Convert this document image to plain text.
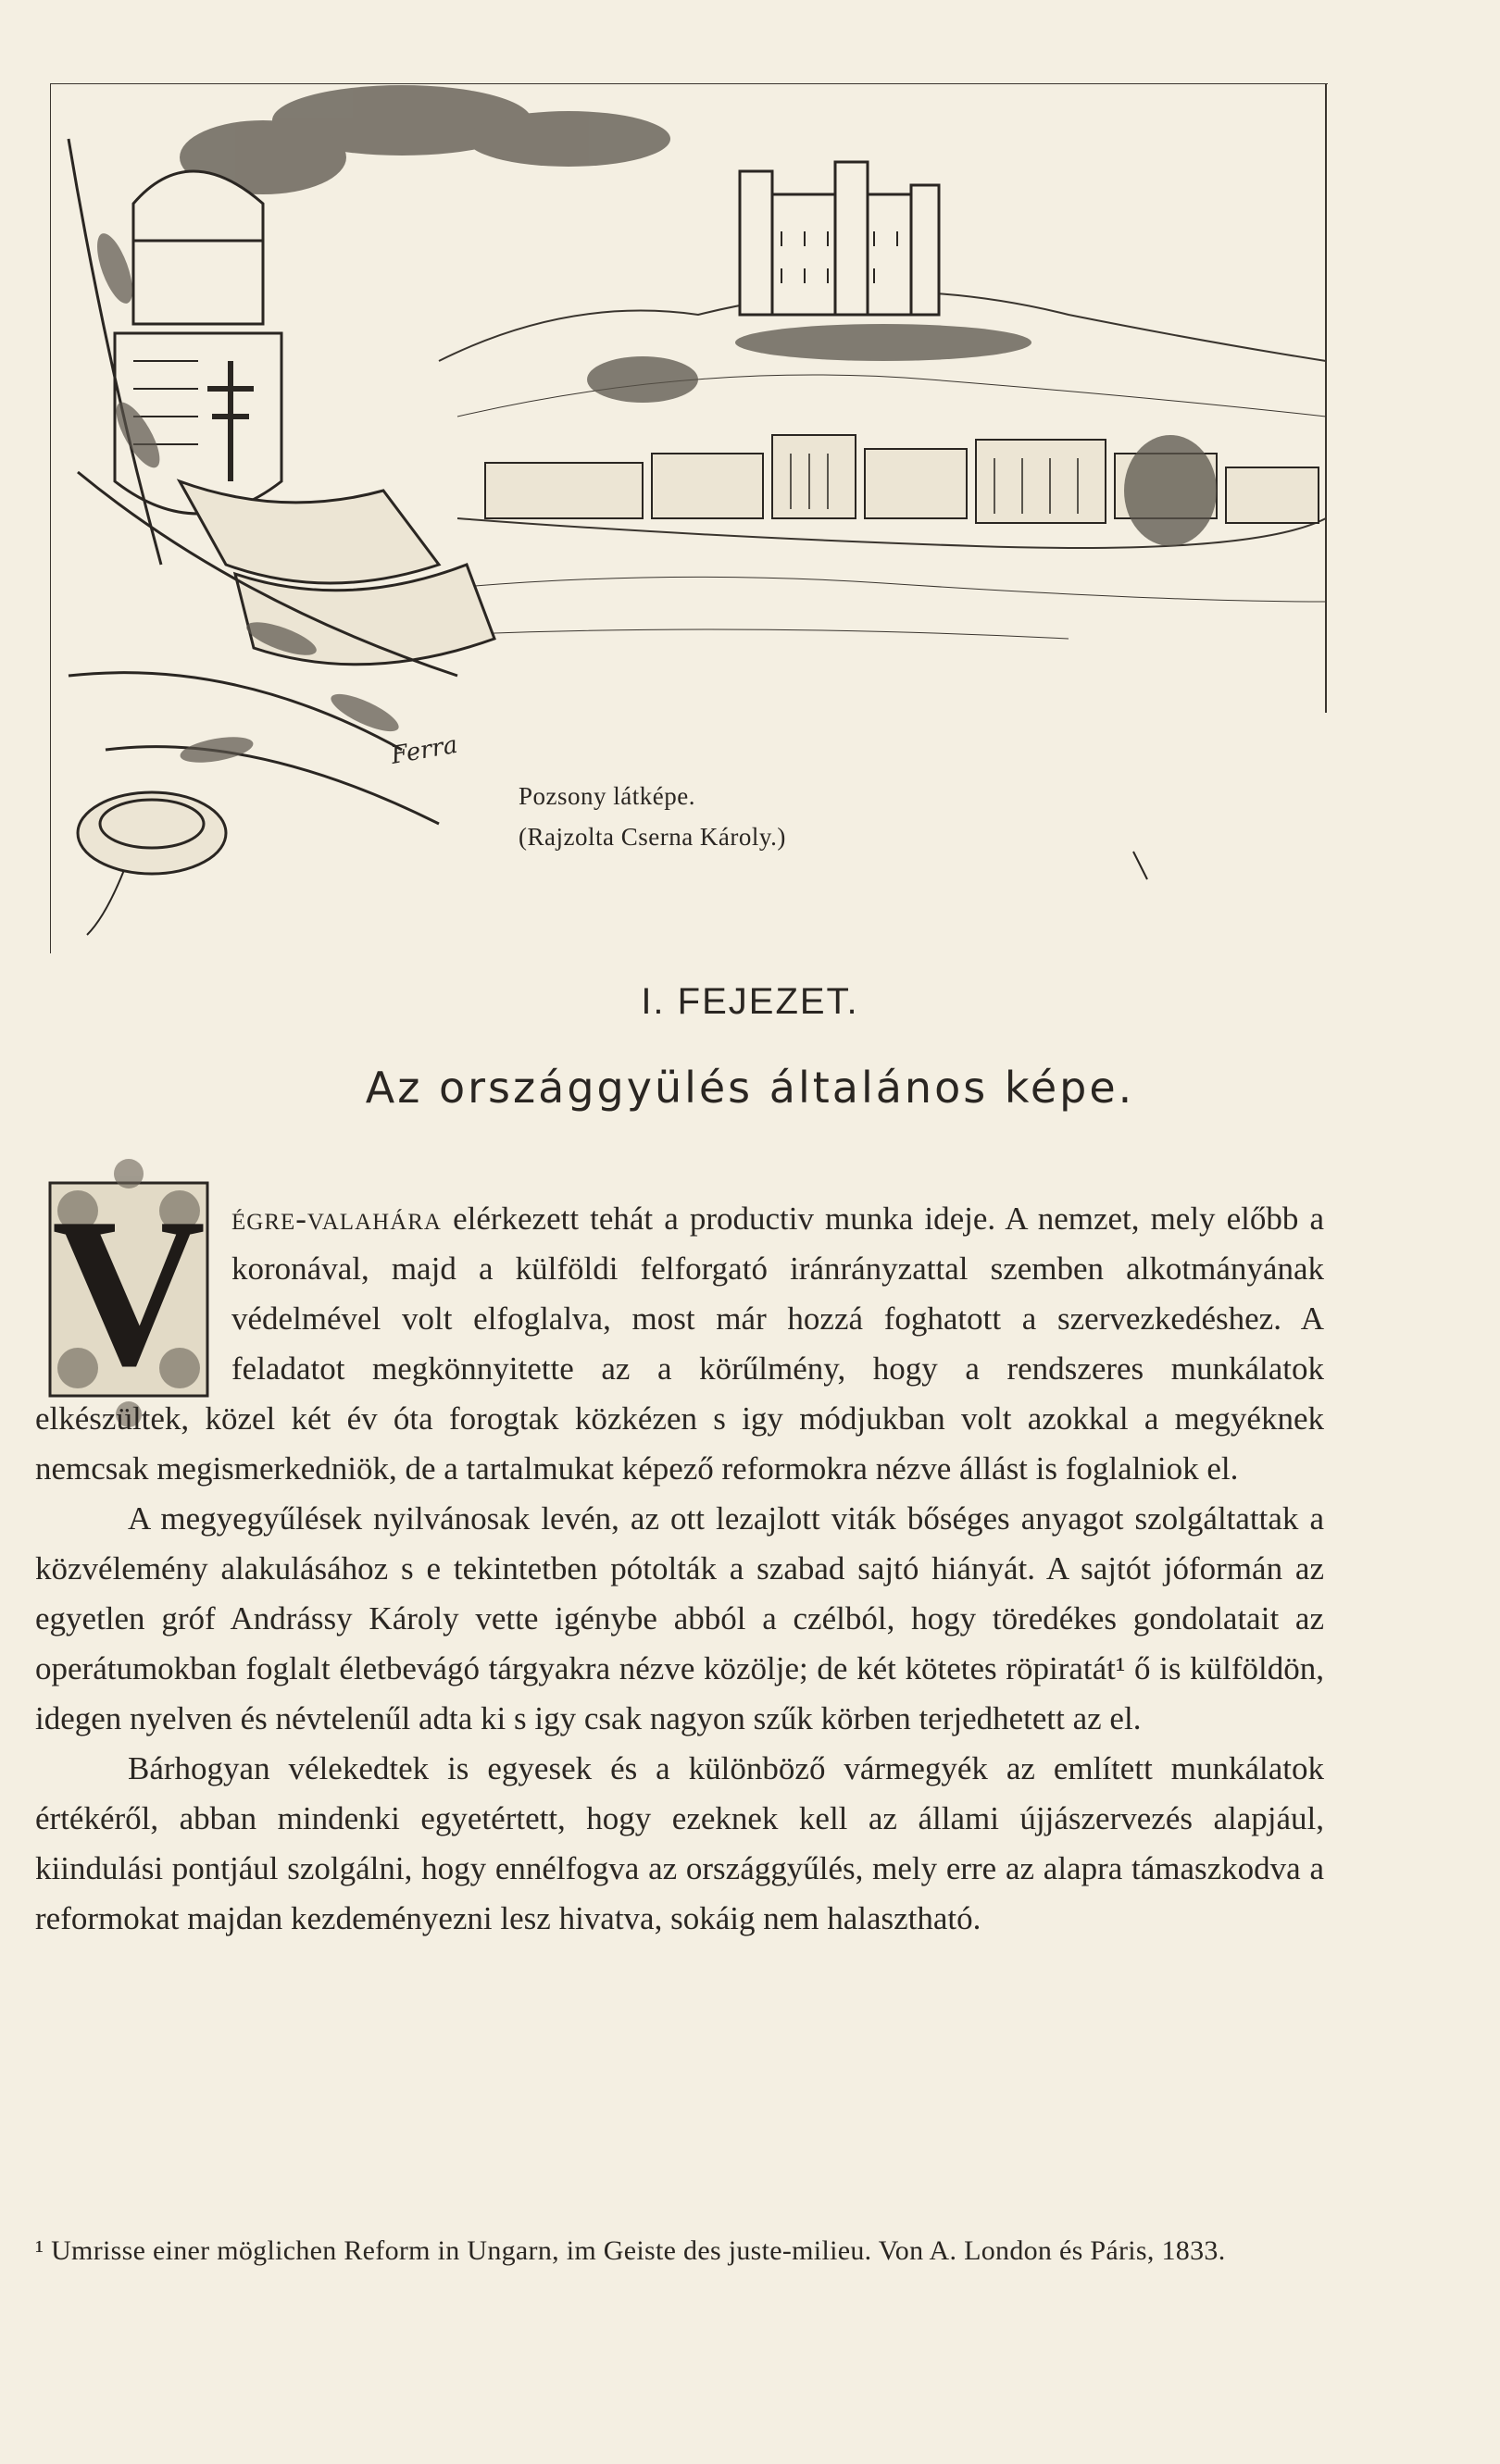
Ferra
Pozsony látképe.
(Rajzolta Cserna Károly.)
I. FEJEZET.
Az országgyülés általános képe.
V égre-valahára elérkezett tehát a productiv munka ideje. A nemzet, mely előbb a koronával, majd a külföldi felforgató iránrányzattal szemben alkotmányának védelmével volt elfoglalva, most már hozzá foghatott a szervezkedéshez. A feladatot megkönnyitette az a körűlmény, hogy a rendszeres munkálatok elkészültek, közel két év óta forogtak közkézen s igy módjukban volt azokkal a megyéknek nemcsak megismerkedniök, de a tartalmukat képező reformokra nézve állást is foglalniok el.

A megyegyűlések nyilvánosak levén, az ott lezajlott viták bőséges anyagot szolgáltattak a közvélemény alakulásához s e tekintetben pótolták a szabad sajtó hiányát. A sajtót jóformán az egyetlen gróf Andrássy Károly vette igénybe abból a czélból, hogy töredékes gondolatait az operátumokban foglalt életbevágó tárgyakra nézve közölje; de két kötetes röpiratát¹ ő is külföldön, idegen nyelven és névtelenűl adta ki s igy csak nagyon szűk körben terjedhetett az el.

Bárhogyan vélekedtek is egyesek és a különböző vármegyék az említett munkálatok értékéről, abban mindenki egyetértett, hogy ezeknek kell az állami újjászervezés alapjául, kiindulási pontjául szolgálni, hogy ennélfogva az országgyűlés, mely erre az alapra támaszkodva a reformokat majdan kezdeményezni lesz hivatva, sokáig nem halasztható.

¹ Umrisse einer möglichen Reform in Ungarn, im Geiste des juste-milieu. Von A. London és Páris, 1833.
